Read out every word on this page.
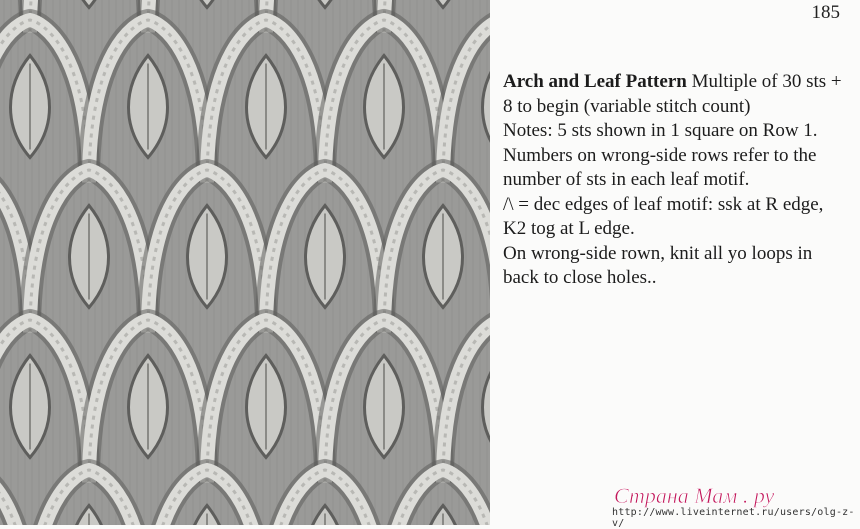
185

Arch and Leaf Pattern Multiple of 30 sts + 8 to begin (variable stitch count)

Notes: 5 sts shown in 1 square on Row 1. Numbers on wrong-side rows refer to the number of sts in each leaf motif.

/\ = dec edges of leaf motif: ssk at R edge, K2 tog at L edge.

On wrong-side rown, knit all yo loops in back to close holes..

http://www.liveinternet.ru/users/olg-z-v/
Страна Мам . ру
